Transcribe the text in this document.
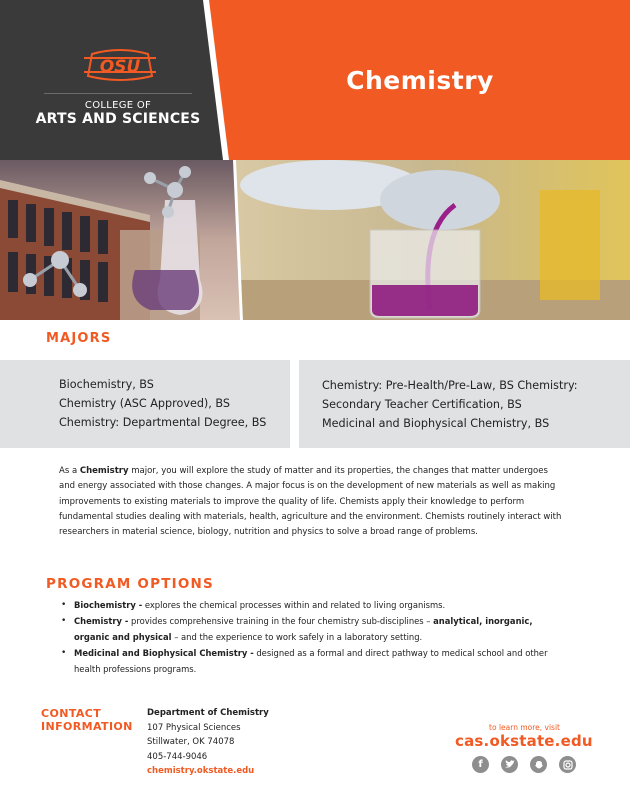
OSU
COLLEGE OF
ARTS AND SCIENCES
Chemistry
MAJORS
Biochemistry, BS
Chemistry (ASC Approved), BS
Chemistry: Departmental Degree, BS
Chemistry: Pre-Health/Pre-Law, BS Chemistry:
Secondary Teacher Certification, BS
Medicinal and Biophysical Chemistry, BS

As a Chemistry major, you will explore the study of matter and its properties, the changes that matter undergoes and energy associated with those changes. A major focus is on the development of new materials as well as making improvements to existing materials to improve the quality of life. Chemists apply their knowledge to perform fundamental studies dealing with materials, health, agriculture and the environment. Chemists routinely interact with researchers in material science, biology, nutrition and physics to solve a broad range of problems.

PROGRAM OPTIONS
• Biochemistry - explores the chemical processes within and related to living organisms.
• Chemistry - provides comprehensive training in the four chemistry sub-disciplines – analytical, inorganic, organic and physical – and the experience to work safely in a laboratory setting.
• Medicinal and Biophysical Chemistry - designed as a formal and direct pathway to medical school and other health professions programs.
CONTACT
INFORMATION
Department of Chemistry
107 Physical Sciences
Stillwater, OK 74078
405-744-9046
chemistry.okstate.edu
to learn more, visit
cas.okstate.edu
f
